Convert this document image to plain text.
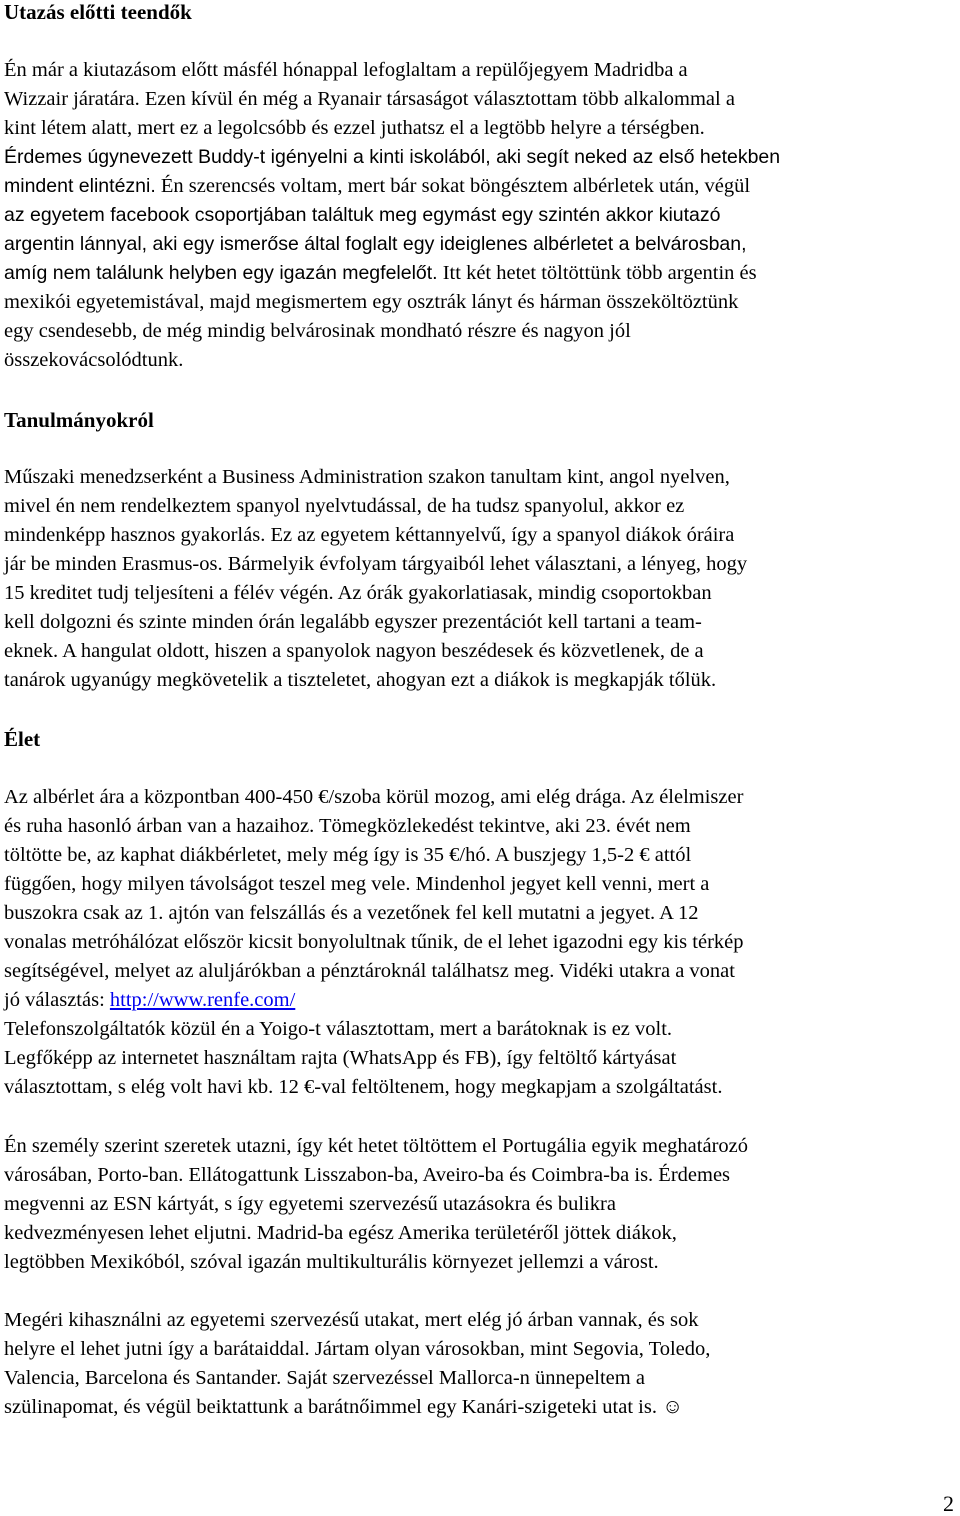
Utazás előtti teendők
Én már a kiutazásom előtt másfél hónappal lefoglaltam a repülőjegyem Madridba a
Wizzair járatára. Ezen kívül én még a Ryanair társaságot választottam több alkalommal a
kint létem alatt, mert ez a legolcsóbb és ezzel juthatsz el a legtöbb helyre a térségben.
Érdemes úgynevezett Buddy-t igényelni a kinti iskolából, aki segít neked az első hetekben
mindent elintézni. Én szerencsés voltam, mert bár sokat böngésztem albérletek után, végül
az egyetem facebook csoportjában találtuk meg egymást egy szintén akkor kiutazó
argentin lánnyal, aki egy ismerőse által foglalt egy ideiglenes albérletet a belvárosban,
amíg nem találunk helyben egy igazán megfelelőt. Itt két hetet töltöttünk több argentin és
mexikói egyetemistával, majd megismertem egy osztrák lányt és hárman összeköltöztünk
egy csendesebb, de még mindig belvárosinak mondható részre és nagyon jól
összekovácsolódtunk.
Tanulmányokról
Műszaki menedzserként a Business Administration szakon tanultam kint, angol nyelven,
mivel én nem rendelkeztem spanyol nyelvtudással, de ha tudsz spanyolul, akkor ez
mindenképp hasznos gyakorlás. Ez az egyetem kéttannyelvű, így a spanyol diákok óráira
jár be minden Erasmus-os. Bármelyik évfolyam tárgyaiból lehet választani, a lényeg, hogy
15 kreditet tudj teljesíteni a félév végén. Az órák gyakorlatiasak, mindig csoportokban
kell dolgozni és szinte minden órán legalább egyszer prezentációt kell tartani a team-
eknek. A hangulat oldott, hiszen a spanyolok nagyon beszédesek és közvetlenek, de a
tanárok ugyanúgy megkövetelik a tiszteletet, ahogyan ezt a diákok is megkapják tőlük.
Élet
Az albérlet ára a központban 400-450 €/szoba körül mozog, ami elég drága. Az élelmiszer
és ruha hasonló árban van a hazaihoz. Tömegközlekedést tekintve, aki 23. évét nem
töltötte be, az kaphat diákbérletet, mely még így is 35 €/hó. A buszjegy 1,5-2 € attól
függően, hogy milyen távolságot teszel meg vele. Mindenhol jegyet kell venni, mert a
buszokra csak az 1. ajtón van felszállás és a vezetőnek fel kell mutatni a jegyet. A 12
vonalas metróhálózat először kicsit bonyolultnak tűnik, de el lehet igazodni egy kis térkép
segítségével, melyet az aluljárókban a pénztároknál találhatsz meg. Vidéki utakra a vonat
jó választás: http://www.renfe.com/
Telefonszolgáltatók közül én a Yoigo-t választottam, mert a barátoknak is ez volt.
Legfőképp az internetet használtam rajta (WhatsApp és FB), így feltöltő kártyásat
választottam, s elég volt havi kb. 12 €-val feltöltenem, hogy megkapjam a szolgáltatást.
Én személy szerint szeretek utazni, így két hetet töltöttem el Portugália egyik meghatározó
városában, Porto-ban. Ellátogattunk Lisszabon-ba, Aveiro-ba és Coimbra-ba is. Érdemes
megvenni az ESN kártyát, s így egyetemi szervezésű utazásokra és bulikra
kedvezményesen lehet eljutni. Madrid-ba egész Amerika területéről jöttek diákok,
legtöbben Mexikóból, szóval igazán multikulturális környezet jellemzi a várost.
Megéri kihasználni az egyetemi szervezésű utakat, mert elég jó árban vannak, és sok
helyre el lehet jutni így a barátaiddal. Jártam olyan városokban, mint Segovia, Toledo,
Valencia, Barcelona és Santander. Saját szervezéssel Mallorca-n ünnepeltem a
szülinapomat, és végül beiktattunk a barátnőimmel egy Kanári-szigeteki utat is. ☺
2
